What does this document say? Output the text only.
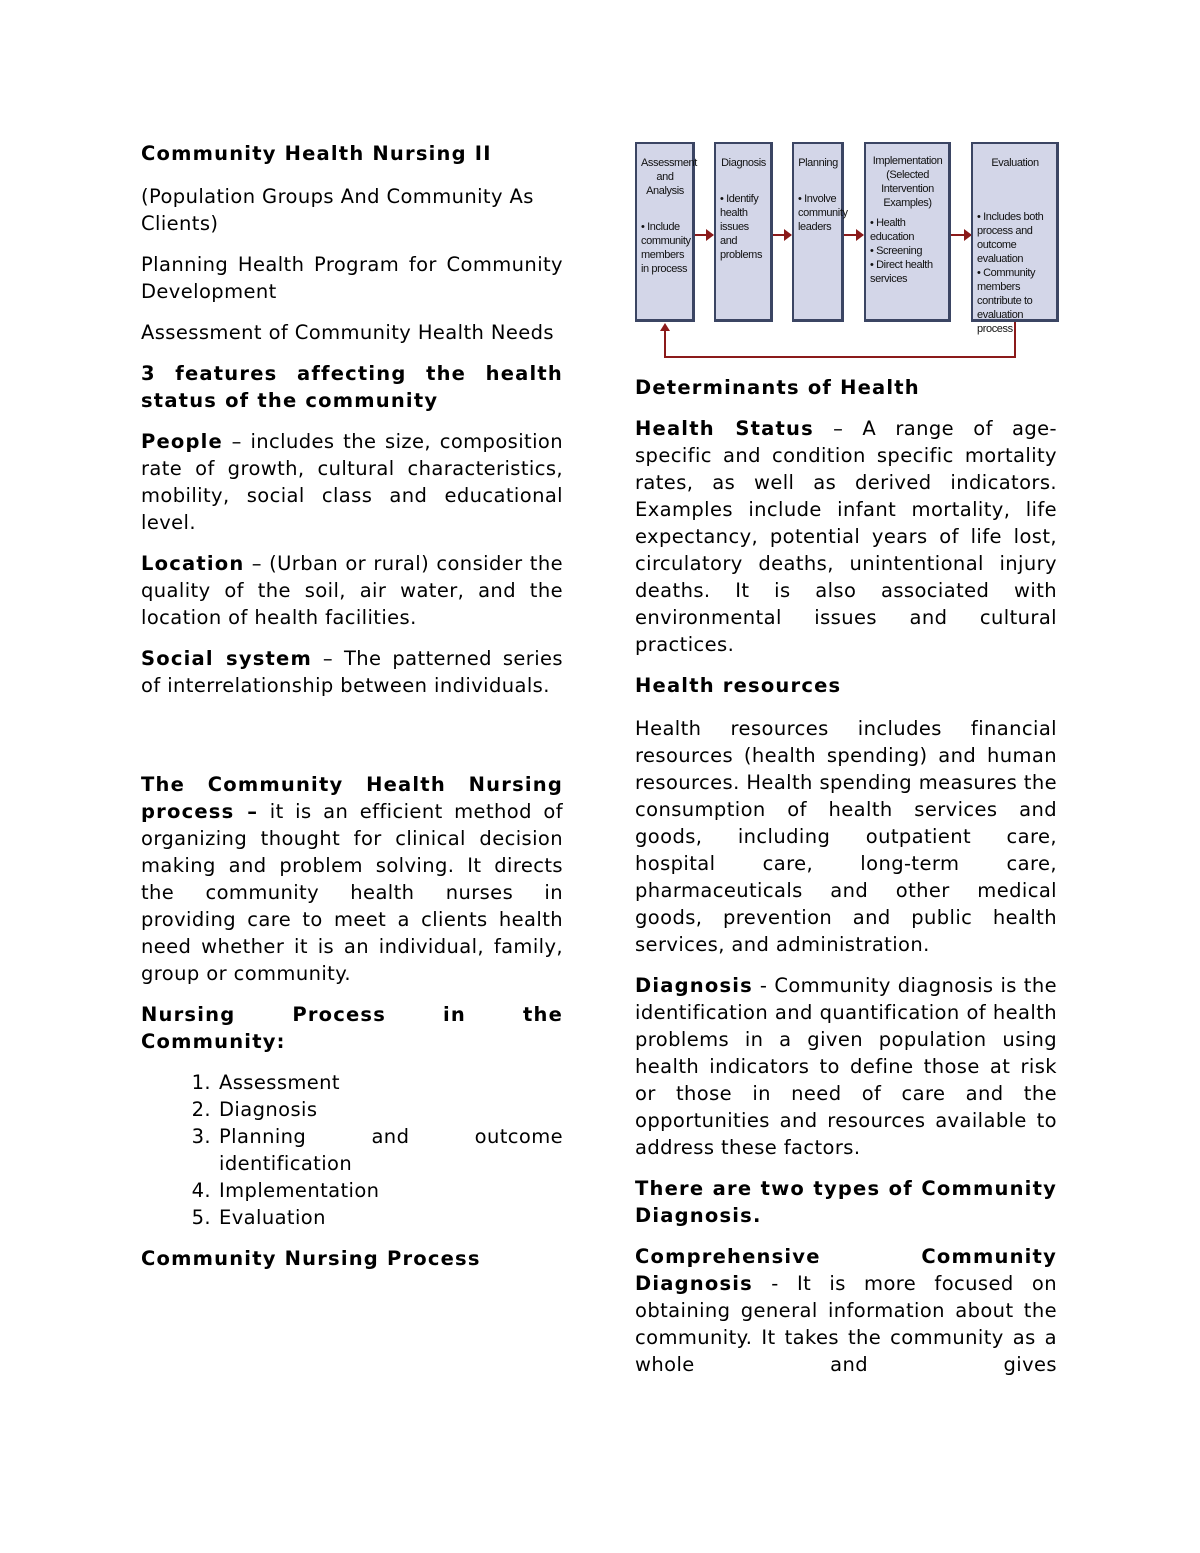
Community Health Nursing II

(Population Groups And Community As Clients)

Planning Health Program for Community Development

Assessment of Community Health Needs

3 features affecting the health status of the community

People – includes the size, composition rate of growth, cultural characteristics, mobility, social class and educational level.

Location – (Urban or rural) consider the quality of the soil, air water, and the location of health facilities.

Social system – The patterned series of interrelationship between individuals.

The Community Health Nursing process – it is an efficient method of organizing thought for clinical decision making and problem solving. It directs the community health nurses in providing care to meet a clients health need whether it is an individual, family, group or community.

Nursing Process in the Community:

1. Assessment
2. Diagnosis
3. Planning and outcome identification
4. Implementation
5. Evaluation

Community Nursing Process

Assessment and Analysis
• Include community members in process
Diagnosis
• Identify health issues and problems
Planning
• Involve community leaders
Implementation (Selected Intervention Examples)
• Health education
• Screening
• Direct health services
Evaluation
• Includes both process and outcome evaluation
• Community members contribute to evaluation process

Determinants of Health

Health Status – A range of age-specific and condition specific mortality rates, as well as derived indicators. Examples include infant mortality, life expectancy, potential years of life lost, circulatory deaths, unintentional injury deaths. It is also associated with environmental issues and cultural practices.

Health resources

Health resources includes financial resources (health spending) and human resources. Health spending measures the consumption of health services and goods, including outpatient care, hospital care, long-term care, pharmaceuticals and other medical goods, prevention and public health services, and administration.

Diagnosis - Community diagnosis is the identification and quantification of health problems in a given population using health indicators to define those at risk or those in need of care and the opportunities and resources available to address these factors.

There are two types of Community Diagnosis.

Comprehensive Community Diagnosis - It is more focused on obtaining general information about the community. It takes the community as a whole and gives
